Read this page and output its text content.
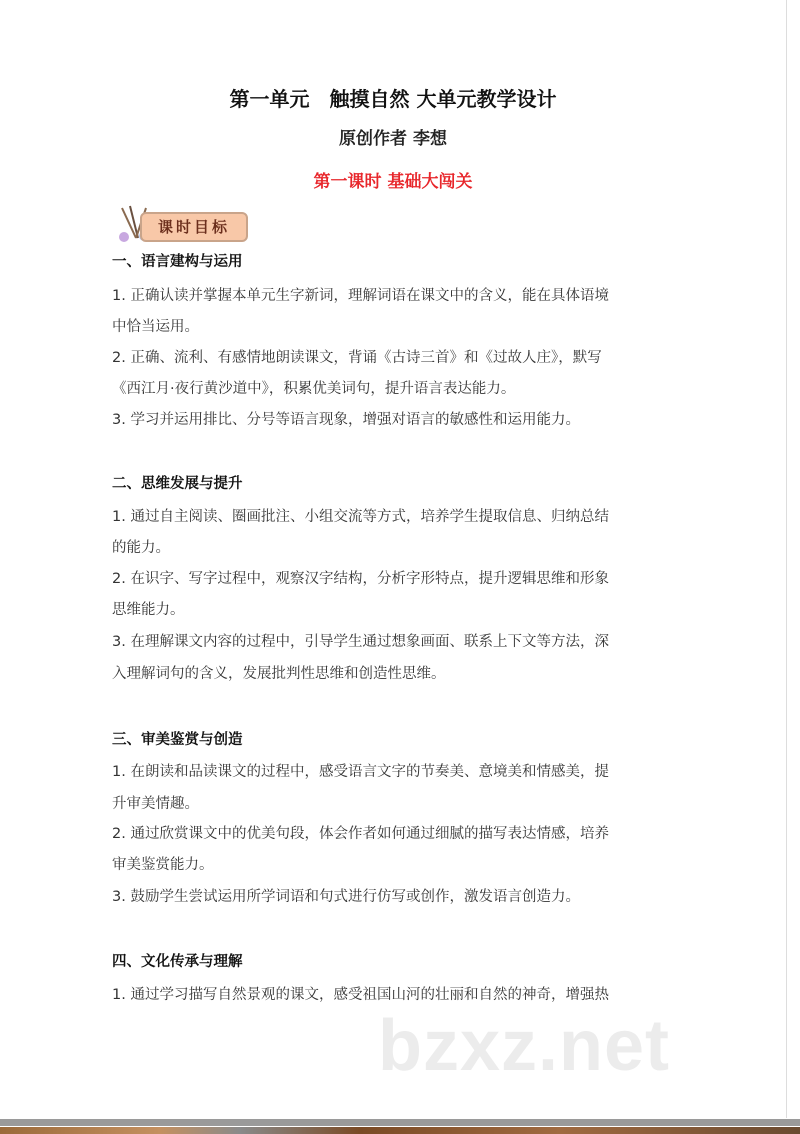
第一单元　触摸自然 大单元教学设计
原创作者 李想
第一课时 基础大闯关
课时目标
一、语言建构与运用
1. 正确认读并掌握本单元生字新词，理解词语在课文中的含义，能在具体语境
中恰当运用。
2. 正确、流利、有感情地朗读课文，背诵《古诗三首》和《过故人庄》，默写
《西江月·夜行黄沙道中》，积累优美词句，提升语言表达能力。
3. 学习并运用排比、分号等语言现象，增强对语言的敏感性和运用能力。
二、思维发展与提升
1. 通过自主阅读、圈画批注、小组交流等方式，培养学生提取信息、归纳总结
的能力。
2. 在识字、写字过程中，观察汉字结构，分析字形特点，提升逻辑思维和形象
思维能力。
3. 在理解课文内容的过程中，引导学生通过想象画面、联系上下文等方法，深
入理解词句的含义，发展批判性思维和创造性思维。
三、审美鉴赏与创造
1. 在朗读和品读课文的过程中，感受语言文字的节奏美、意境美和情感美，提
升审美情趣。
2. 通过欣赏课文中的优美句段，体会作者如何通过细腻的描写表达情感，培养
审美鉴赏能力。
3. 鼓励学生尝试运用所学词语和句式进行仿写或创作，激发语言创造力。
四、文化传承与理解
1. 通过学习描写自然景观的课文，感受祖国山河的壮丽和自然的神奇，增强热
bzxz.net
